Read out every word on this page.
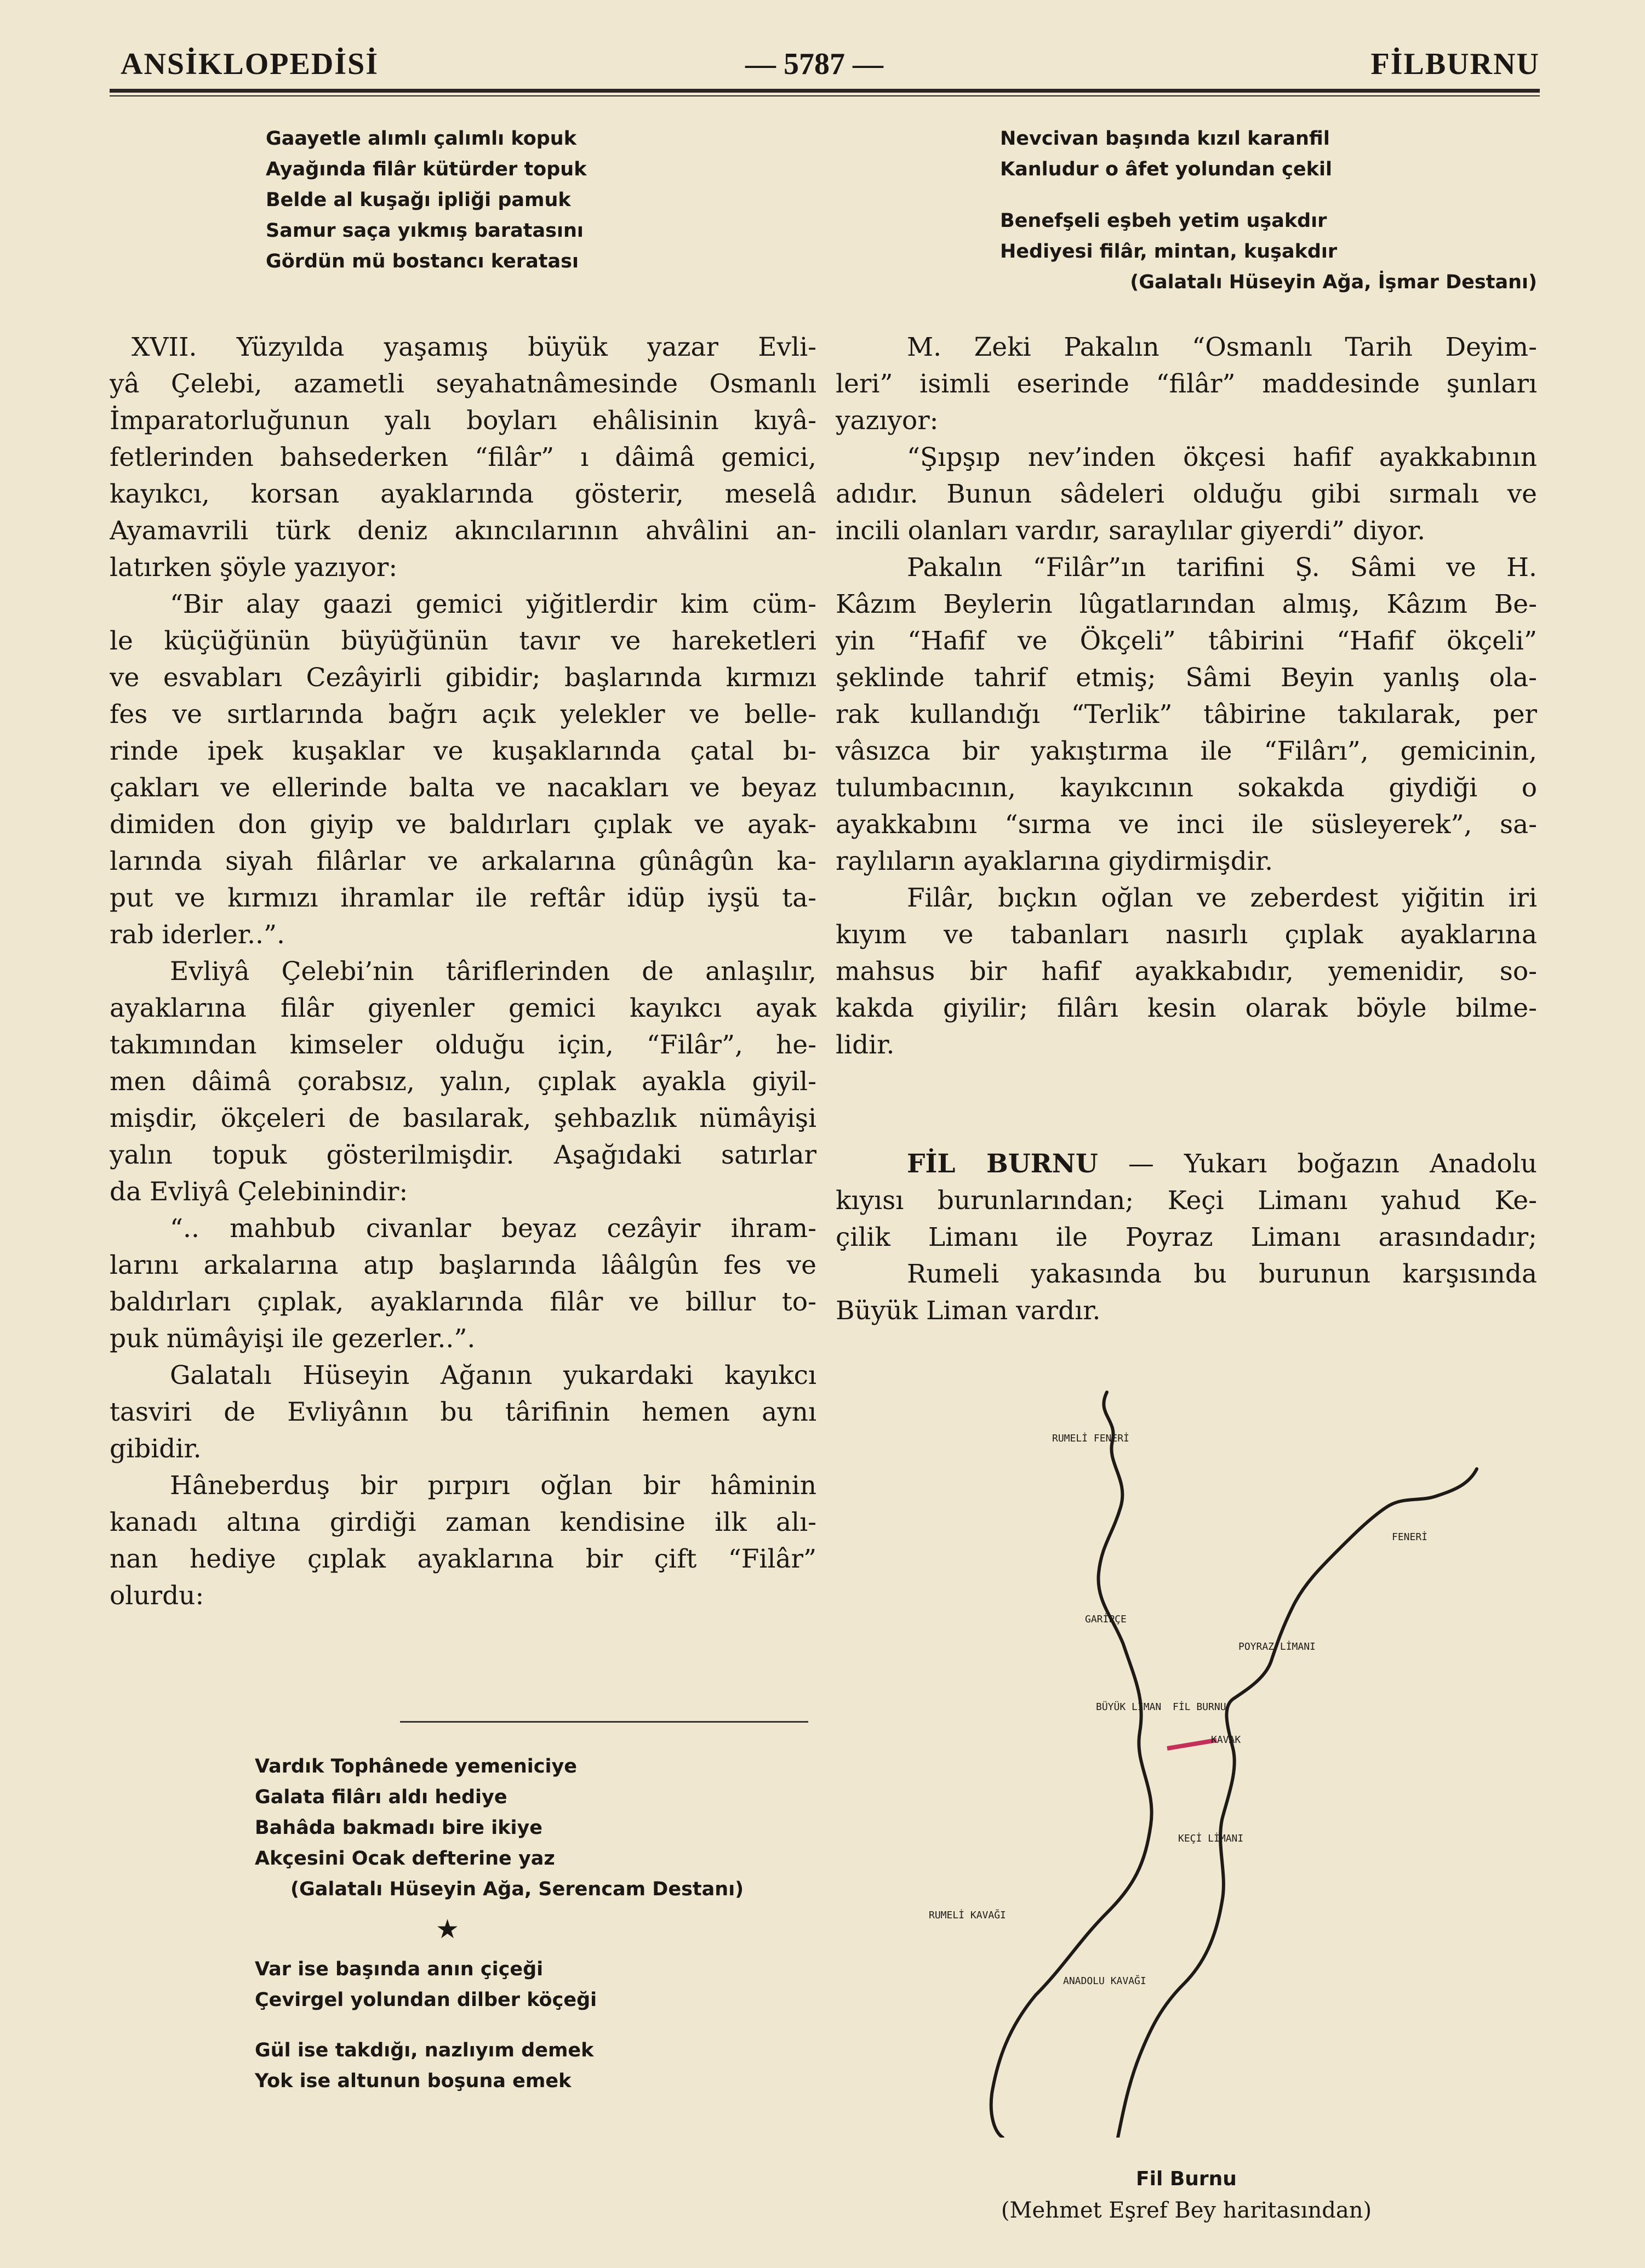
ANSİKLOPEDİSİ	— 5787 —	FİLBURNU
Gaayetle alımlı çalımlı kopuk
Ayağında filâr kütürder topuk
Belde al kuşağı ipliği pamuk
Samur saça yıkmış baratasını
Gördün mü bostancı keratası
Nevcivan başında kızıl karanfil
Kanludur o âfet yolundan çekil
Benefşeli eşbeh yetim uşakdır
Hediyesi filâr, mintan, kuşakdır
(Galatalı Hüseyin Ağa, İşmar Destanı)
XVII. Yüzyılda yaşamış büyük yazar Evli-
yâ Çelebi, azametli seyahatnâmesinde Osmanlı
İmparatorluğunun yalı boyları ehâlisinin kıyâ-
fetlerinden bahsederken “filâr” ı dâimâ gemici,
kayıkcı, korsan ayaklarında gösterir, meselâ
Ayamavrili türk deniz akıncılarının ahvâlini an-
latırken şöyle yazıyor:
“Bir alay gaazi gemici yiğitlerdir kim cüm-
le küçüğünün büyüğünün tavır ve hareketleri
ve esvabları Cezâyirli gibidir; başlarında kırmızı
fes ve sırtlarında bağrı açık yelekler ve belle-
rinde ipek kuşaklar ve kuşaklarında çatal bı-
çakları ve ellerinde balta ve nacakları ve beyaz
dimiden don giyip ve baldırları çıplak ve ayak-
larında siyah filârlar ve arkalarına gûnâgûn ka-
put ve kırmızı ihramlar ile reftâr idüp iyşü ta-
rab iderler..”.
Evliyâ Çelebi’nin târiflerinden de anlaşılır,
ayaklarına filâr giyenler gemici kayıkcı ayak
takımından kimseler olduğu için, “Filâr”, he-
men dâimâ çorabsız, yalın, çıplak ayakla giyil-
mişdir, ökçeleri de basılarak, şehbazlık nümâyişi
yalın topuk gösterilmişdir. Aşağıdaki satırlar
da Evliyâ Çelebinindir:
“.. mahbub civanlar beyaz cezâyir ihram-
larını arkalarına atıp başlarında lââlgûn fes ve
baldırları çıplak, ayaklarında filâr ve billur to-
puk nümâyişi ile gezerler..”.
Galatalı Hüseyin Ağanın yukardaki kayıkcı
tasviri de Evliyânın bu târifinin hemen aynı
gibidir.
Hâneberduş bir pırpırı oğlan bir hâminin
kanadı altına girdiği zaman kendisine ilk alı-
nan hediye çıplak ayaklarına bir çift “Filâr”
olurdu:
Vardık Tophânede yemeniciye
Galata filârı aldı hediye
Bahâda bakmadı bire ikiye
Akçesini Ocak defterine yaz
(Galatalı Hüseyin Ağa, Serencam Destanı)
★
Var ise başında anın çiçeği
Çevirgel yolundan dilber köçeği
Gül ise takdığı, nazlıyım demek
Yok ise altunun boşuna emek
M. Zeki Pakalın “Osmanlı Tarih Deyim-
leri” isimli eserinde “filâr” maddesinde şunları
yazıyor:
“Şıpşıp nev’inden ökçesi hafif ayakkabının
adıdır. Bunun sâdeleri olduğu gibi sırmalı ve
incili olanları vardır, saraylılar giyerdi” diyor.
Pakalın “Filâr”ın tarifini Ş. Sâmi ve H.
Kâzım Beylerin lûgatlarından almış, Kâzım Be-
yin “Hafif ve Ökçeli” tâbirini “Hafif ökçeli”
şeklinde tahrif etmiş; Sâmi Beyin yanlış ola-
rak kullandığı “Terlik” tâbirine takılarak, per
vâsızca bir yakıştırma ile “Filârı”, gemicinin,
tulumbacının, kayıkcının sokakda giydiği o
ayakkabını “sırma ve inci ile süsleyerek”, sa-
raylıların ayaklarına giydirmişdir.
Filâr, bıçkın oğlan ve zeberdest yiğitin iri
kıyım ve tabanları nasırlı çıplak ayaklarına
mahsus bir hafif ayakkabıdır, yemenidir, so-
kakda giyilir; filârı kesin olarak böyle bilme-
lidir.
FİL BURNU — Yukarı boğazın Anadolu
kıyısı burunlarından; Keçi Limanı yahud Ke-
çilik Limanı ile Poyraz Limanı arasındadır;
Rumeli yakasında bu burunun karşısında
Büyük Liman vardır.
RUMELİ FENERİ
FENERİ
GARİPÇE
POYRAZ LİMANI
BÜYÜK LİMAN FİL BURNU
KAVAK
KEÇİ LİMANI
RUMELİ KAVAĞI
ANADOLU KAVAĞI
Fil Burnu
(Mehmet Eşref Bey haritasından)
